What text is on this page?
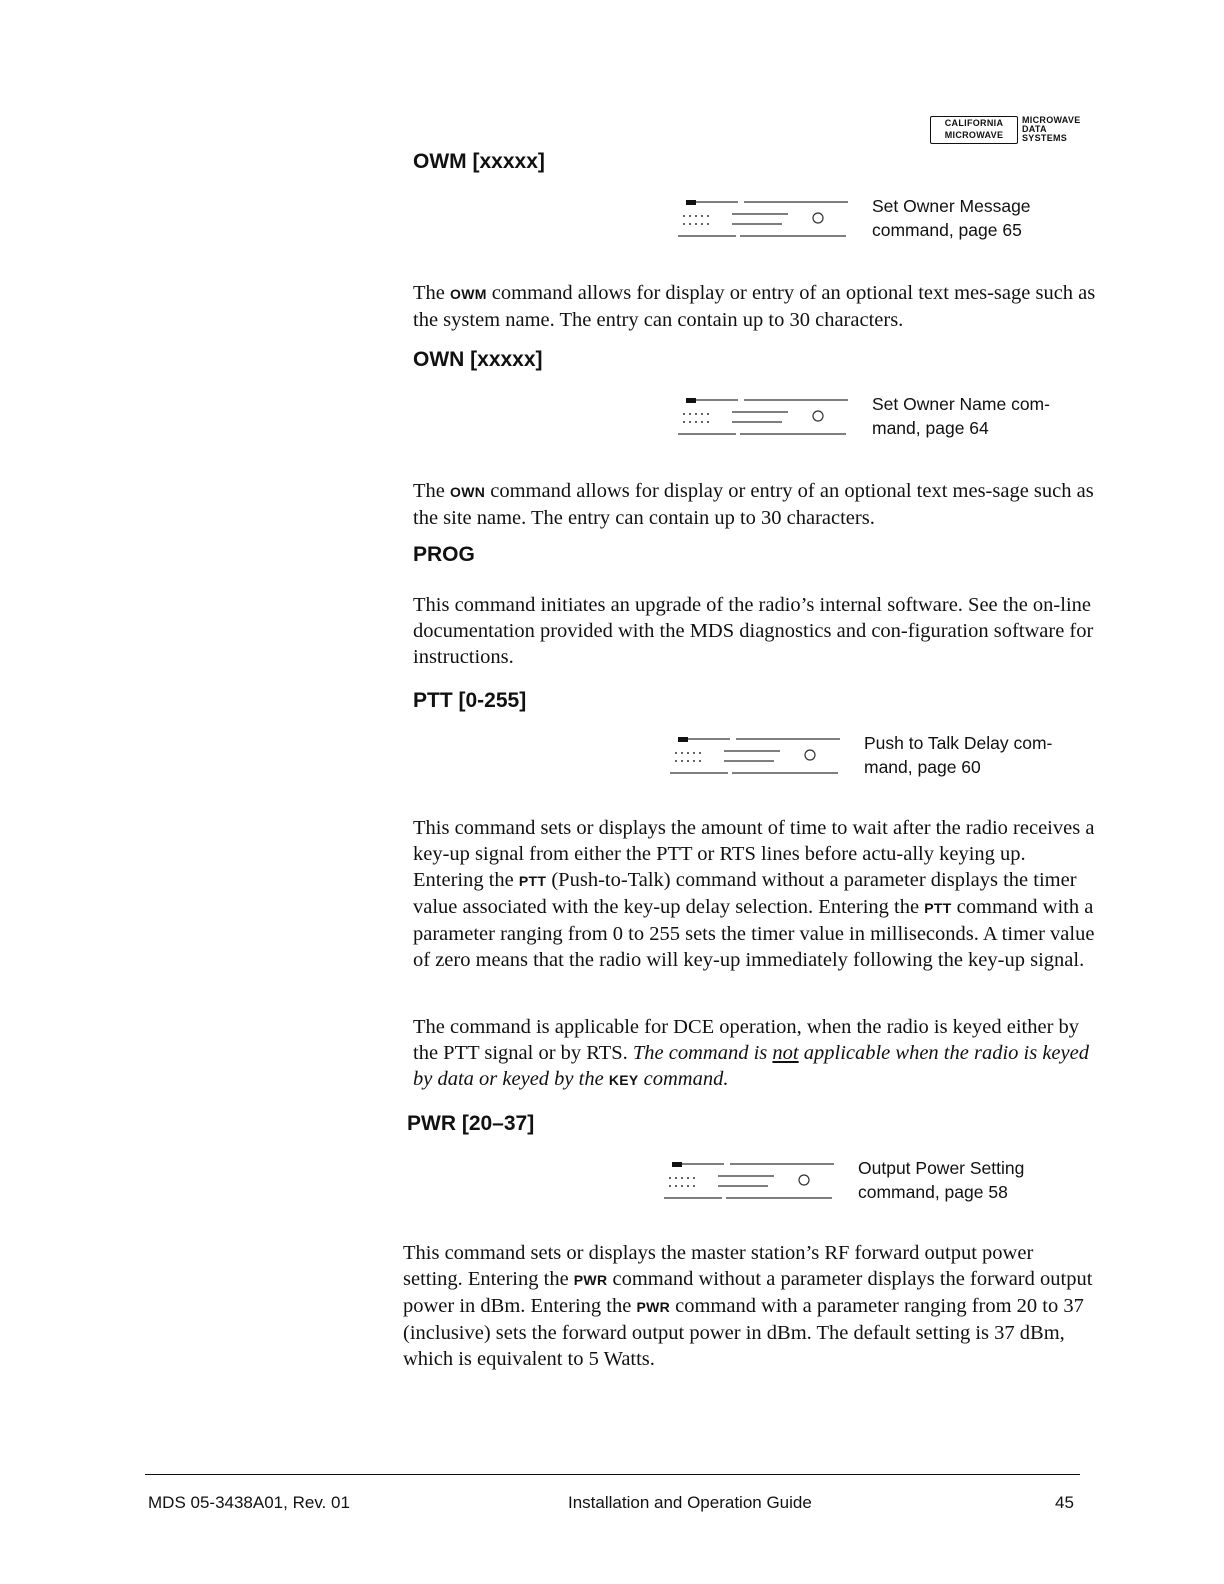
CALIFORNIA
MICROWAVE
MICROWAVE
DATA
SYSTEMS
OWM [xxxxx]
Set Owner Message
command, page 65

The OWM command allows for display or entry of an optional text mes-sage such as the system name. The entry can contain up to 30 characters.

OWN [xxxxx]
Set Owner Name com-
mand, page 64

The OWN command allows for display or entry of an optional text mes-sage such as the site name. The entry can contain up to 30 characters.

PROG

This command initiates an upgrade of the radio’s internal software. See the on-line documentation provided with the MDS diagnostics and con-figuration software for instructions.

PTT [0-255]
Push to Talk Delay com-
mand, page 60

This command sets or displays the amount of time to wait after the radio receives a key-up signal from either the PTT or RTS lines before actu-ally keying up. Entering the PTT (Push-to-Talk) command without a parameter displays the timer value associated with the key-up delay selection. Entering the PTT command with a parameter ranging from 0 to 255 sets the timer value in milliseconds. A timer value of zero means that the radio will key-up immediately following the key-up signal.

The command is applicable for DCE operation, when the radio is keyed either by the PTT signal or by RTS. The command is not applicable when the radio is keyed by data or keyed by the KEY command.

PWR [20–37]
Output Power Setting
command, page 58

This command sets or displays the master station’s RF forward output power setting. Entering the PWR command without a parameter displays the forward output power in dBm. Entering the PWR command with a parameter ranging from 20 to 37 (inclusive) sets the forward output power in dBm. The default setting is 37 dBm, which is equivalent to 5 Watts.

MDS 05-3438A01, Rev. 01	Installation and Operation Guide	45
